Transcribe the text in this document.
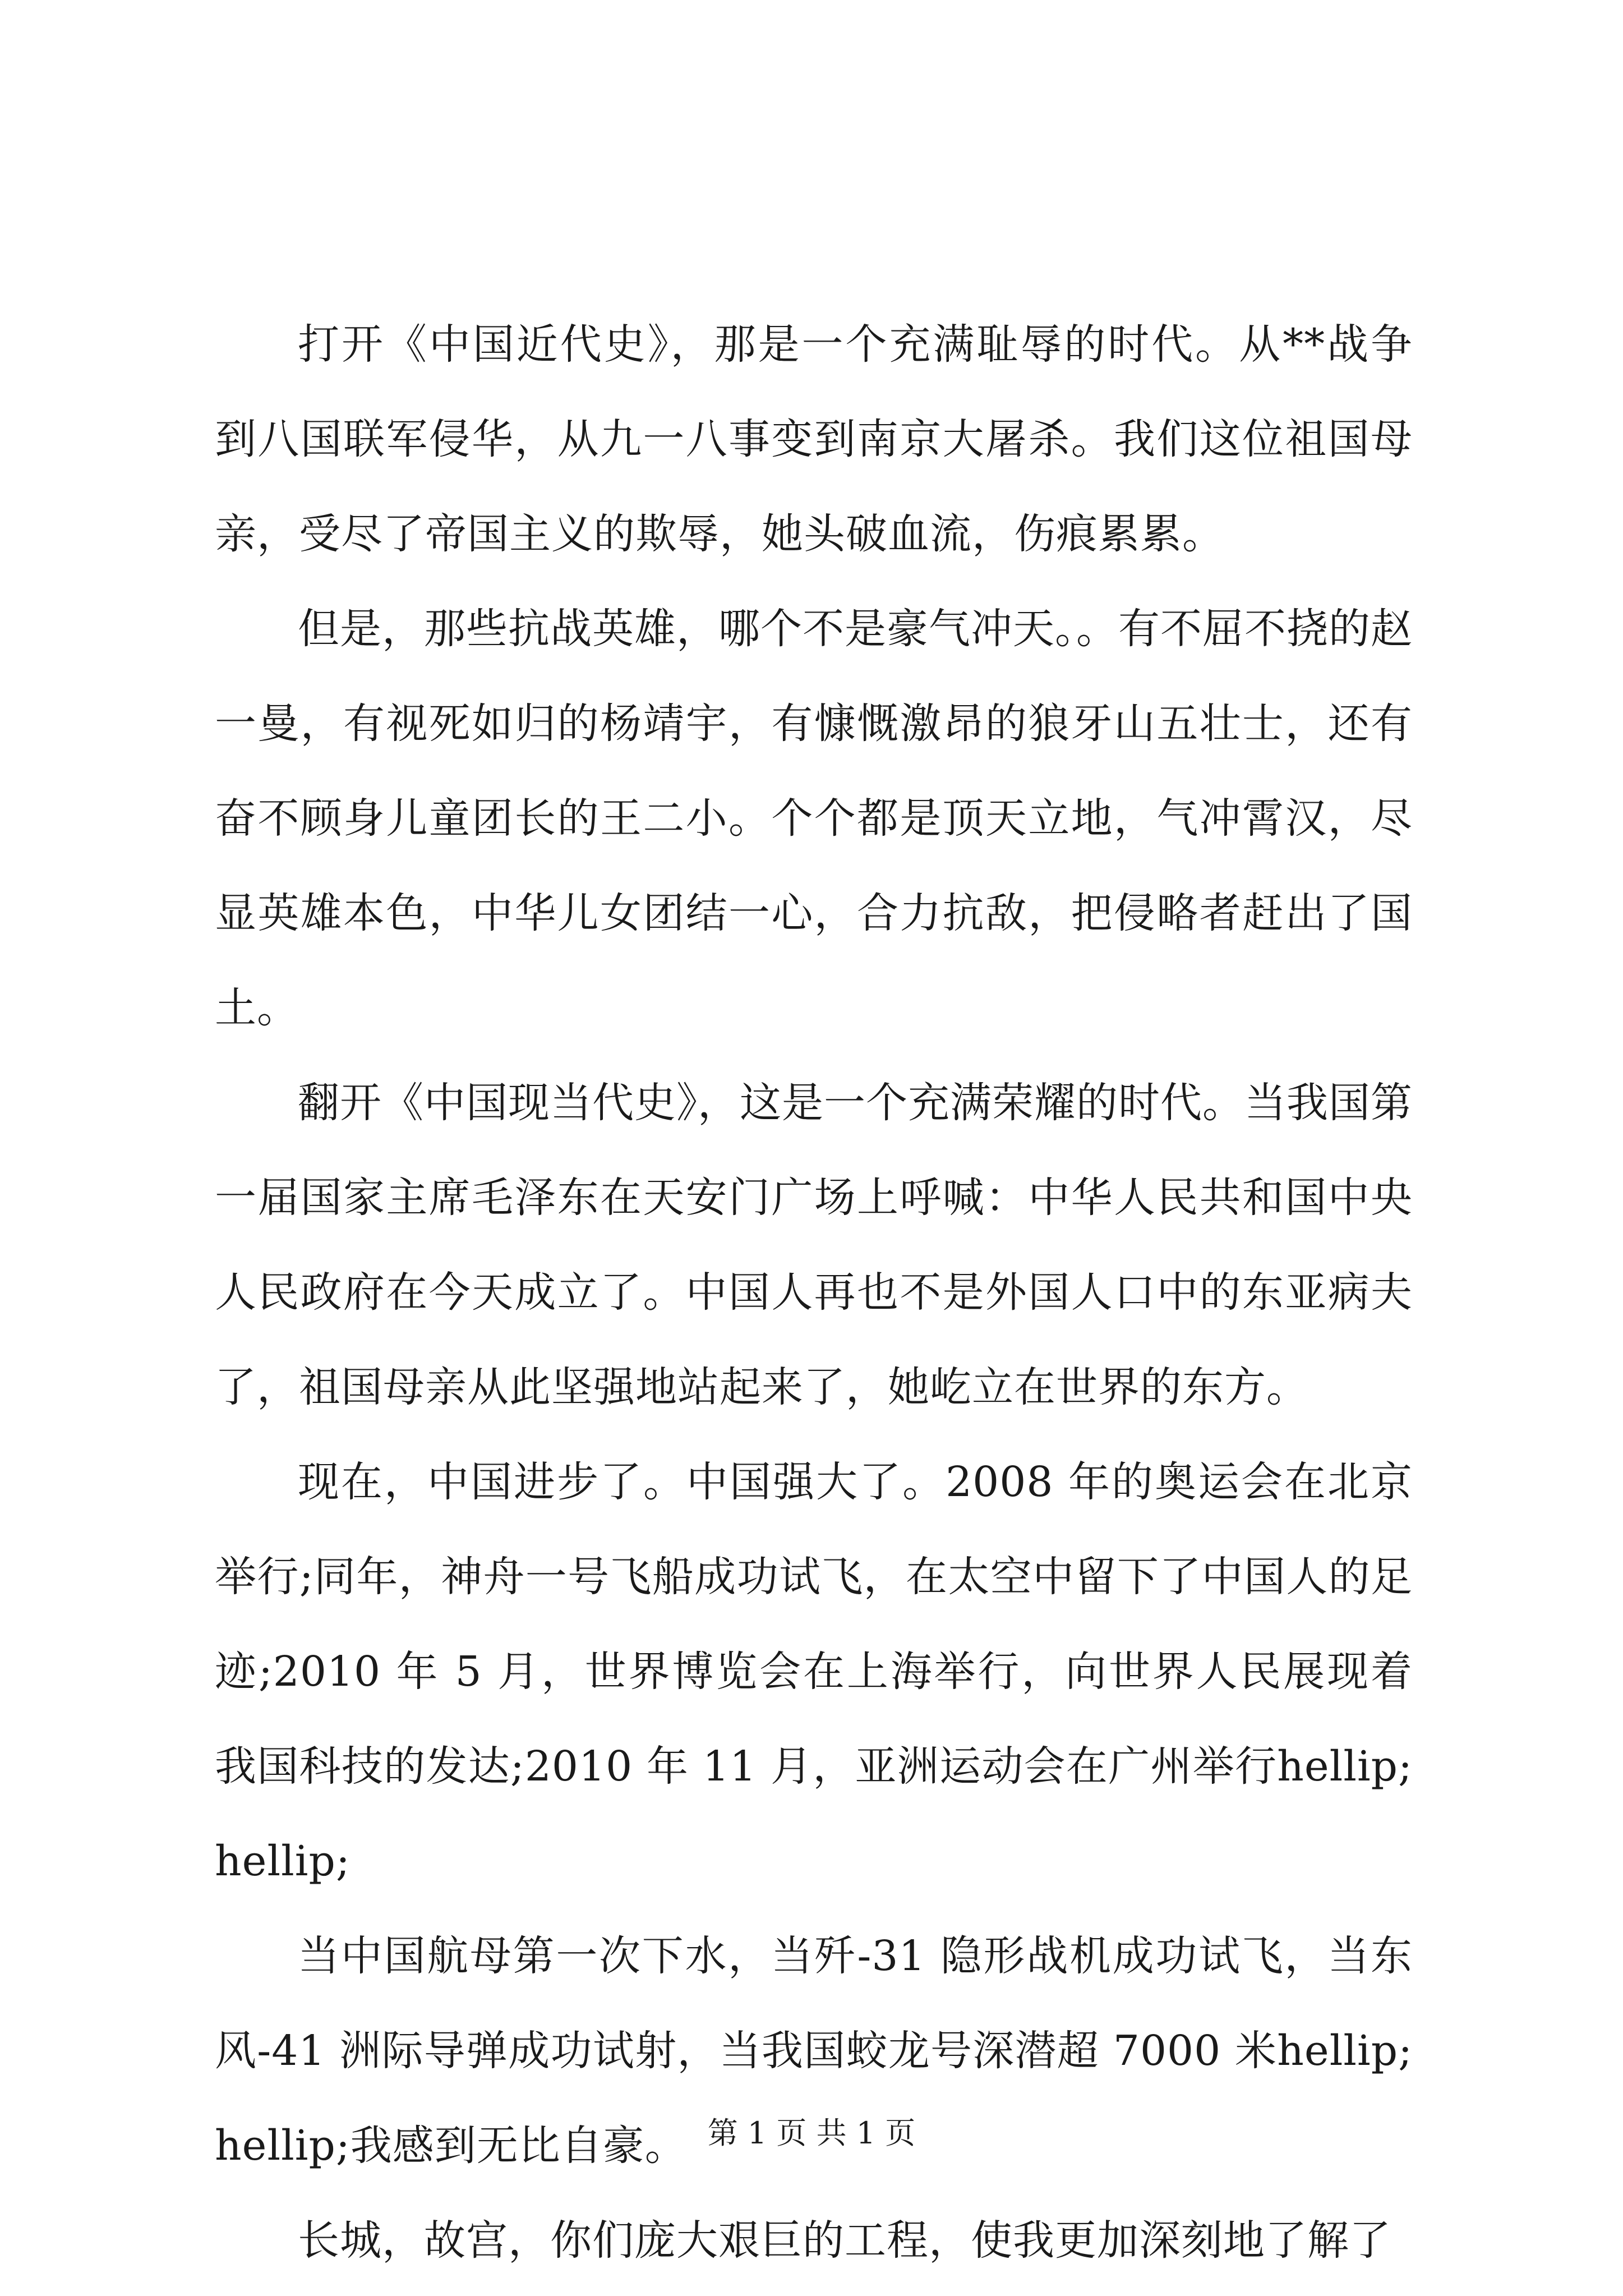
打开《中国近代史》，那是一个充满耻辱的时代。从**战争到八国联军侵华，从九一八事变到南京大屠杀。我们这位祖国母亲，受尽了帝国主义的欺辱，她头破血流，伤痕累累。

但是，那些抗战英雄，哪个不是豪气冲天。。有不屈不挠的赵一曼，有视死如归的杨靖宇，有慷慨激昂的狼牙山五壮士，还有奋不顾身儿童团长的王二小。个个都是顶天立地，气冲霄汉，尽显英雄本色，中华儿女团结一心，合力抗敌，把侵略者赶出了国土。

翻开《中国现当代史》，这是一个充满荣耀的时代。当我国第一届国家主席毛泽东在天安门广场上呼喊：中华人民共和国中央人民政府在今天成立了。中国人再也不是外国人口中的东亚病夫了，祖国母亲从此坚强地站起来了，她屹立在世界的东方。

现在，中国进步了。中国强大了。2008 年的奥运会在北京举行;同年，神舟一号飞船成功试飞，在太空中留下了中国人的足迹;2010 年 5 月，世界博览会在上海举行，向世界人民展现着我国科技的发达;2010 年 11 月，亚洲运动会在广州举行hellip;hellip;

当中国航母第一次下水，当歼-31 隐形战机成功试飞，当东风-41 洲际导弹成功试射，当我国蛟龙号深潜超 7000 米hellip;hellip;我感到无比自豪。

长城，故宫，你们庞大艰巨的工程，使我更加深刻地了解了

第 1 页 共 1 页
